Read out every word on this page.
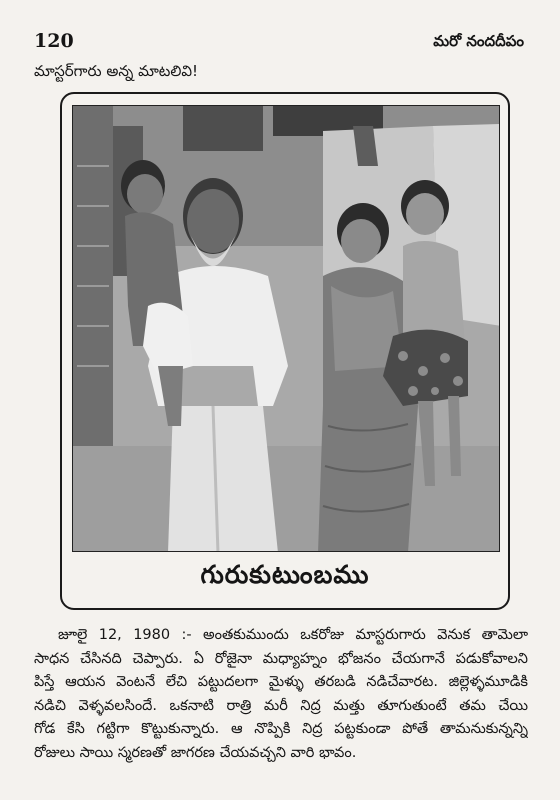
120	మరో నందదీపం
మాస్టర్‌గారు అన్న మాటలివి!
గురుకుటుంబము

జూలై 12, 1980 :- అంతకుముందు ఒకరోజు మాస్టరుగారు వెనుక తామెలా
సాధన చేసినది చెప్పారు. ఏ రోజైనా మధ్యాహ్నం భోజనం చేయగానే పడుకోవాలని
పిస్తే ఆయన వెంటనే లేచి పట్టుదలగా మైళ్ళు తరబడి నడిచేవారట. జిల్లెళ్ళమూడికి
నడిచి వెళ్ళవలసిందే. ఒకనాటి రాత్రి మరీ నిద్ర మత్తు తూగుతుంటే తమ చేయి
గోడ కేసి గట్టిగా కొట్టుకున్నారు. ఆ నొప్పికి నిద్ర పట్టకుండా పోతే తామనుకున్నన్ని
రోజులు సాయి స్మరణతో జాగరణ చేయవచ్చని వారి భావం.
